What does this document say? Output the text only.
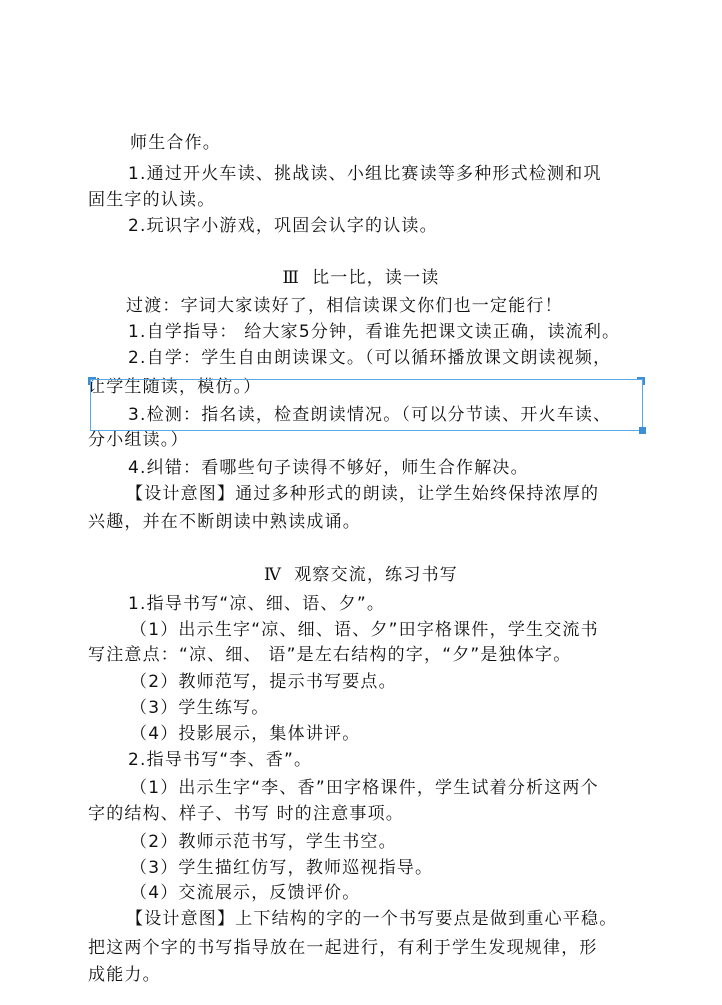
师生合作。
1.通过开火车读、挑战读、小组比赛读等多种形式检测和巩
固生字的认读。
2.玩识字小游戏，巩固会认字的认读。
Ⅲ 比一比，读一读
过渡：字词大家读好了，相信读课文你们也一定能行！
1.自学指导： 给大家5分钟，看谁先把课文读正确，读流利。
2.自学：学生自由朗读课文。（可以循环播放课文朗读视频，
让学生随读，模仿。）
3.检测：指名读，检查朗读情况。（可以分节读、开火车读、
分小组读。）
4.纠错：看哪些句子读得不够好，师生合作解决。
【设计意图】通过多种形式的朗读，让学生始终保持浓厚的
兴趣，并在不断朗读中熟读成诵。
Ⅳ 观察交流，练习书写
1.指导书写“凉、细、语、夕”。
（1）出示生字“凉、细、语、夕”田字格课件，学生交流书
写注意点：“凉、细、 语”是左右结构的字，“夕”是独体字。
（2）教师范写，提示书写要点。
（3）学生练写。
（4）投影展示，集体讲评。
2.指导书写“李、香”。
（1）出示生字“李、香”田字格课件，学生试着分析这两个
字的结构、样子、书写 时的注意事项。
（2）教师示范书写，学生书空。
（3）学生描红仿写，教师巡视指导。
（4）交流展示，反馈评价。
【设计意图】上下结构的字的一个书写要点是做到重心平稳。
把这两个字的书写指导放在一起进行，有利于学生发现规律，形
成能力。
